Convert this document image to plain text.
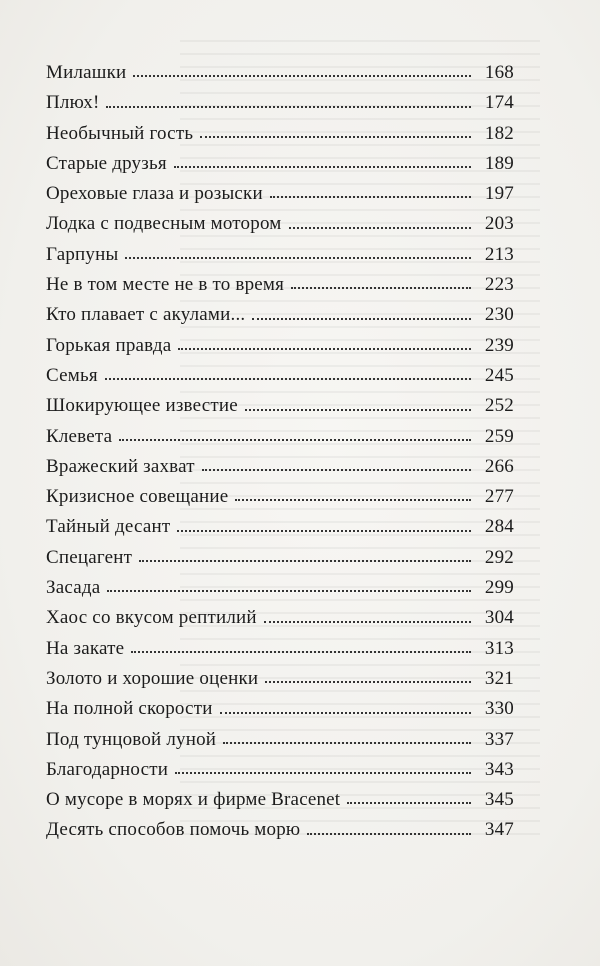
Милашки	168
Плюх!	174
Необычный гость	182
Старые друзья	189
Ореховые глаза и розыски	197
Лодка с подвесным мотором	203
Гарпуны	213
Не в том месте не в то время	223
Кто плавает с акулами...	230
Горькая правда	239
Семья	245
Шокирующее известие	252
Клевета	259
Вражеский захват	266
Кризисное совещание	277
Тайный десант	284
Спецагент	292
Засада	299
Хаос со вкусом рептилий	304
На закате	313
Золото и хорошие оценки	321
На полной скорости	330
Под тунцовой луной	337
Благодарности	343
О мусоре в морях и фирме Bracenet	345
Десять способов помочь морю	347
